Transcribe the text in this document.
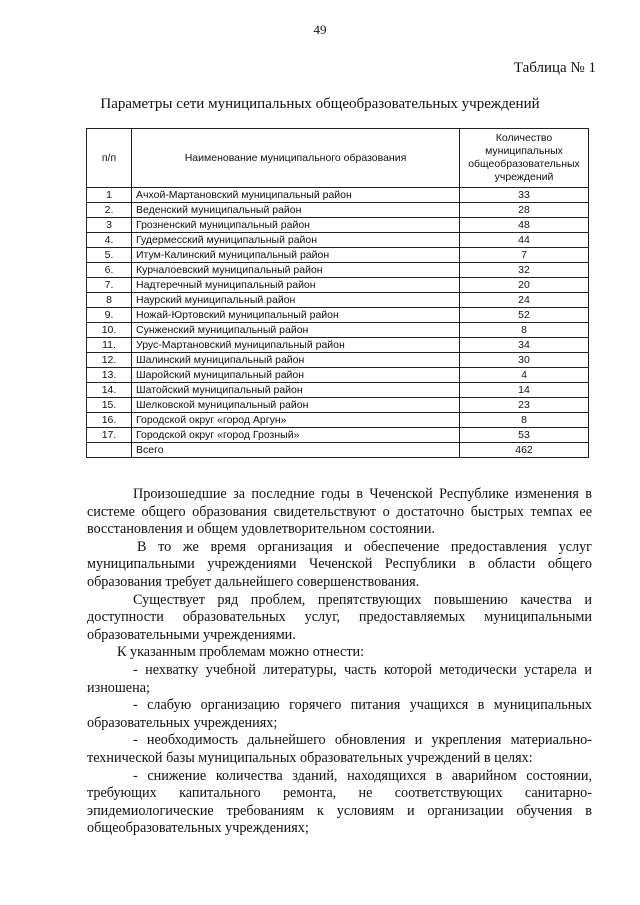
49
Таблица № 1
Параметры сети муниципальных общеобразовательных учреждений
п/п	Наименование муниципального образования	Количество муниципальных общеобразовательных учреждений
1	Ачхой-Мартановский муниципальный район	33
2.	Веденский муниципальный район	28
3	Грозненский муниципальный район	48
4.	Гудермесский муниципальный район	44
5.	Итум-Калинский муниципальный район	7
6.	Курчалоевский муниципальный район	32
7.	Надтеречный муниципальный район	20
8	Наурский муниципальный район	24
9.	Ножай-Юртовский муниципальный район	52
10.	Сунженский муниципальный район	8
11.	Урус-Мартановский муниципальный район	34
12.	Шалинский муниципальный район	30
13.	Шаройский муниципальный район	4
14.	Шатойский муниципальный район	14
15.	Шелковской муниципальный район	23
16.	Городской округ «город Аргун»	8
17.	Городской округ «город Грозный»	53
	Всего	462

Произошедшие за последние годы в Чеченской Республике изменения в системе общего образования свидетельствуют о достаточно быстрых темпах ее восстановления и общем удовлетворительном состоянии.

В то же время организация и обеспечение предоставления услуг муниципальными учреждениями Чеченской Республики в области общего образования требует дальнейшего совершенствования.

Существует ряд проблем, препятствующих повышению качества и доступности образовательных услуг, предоставляемых муниципальными образовательными учреждениями.

К указанным проблемам можно отнести:

- нехватку учебной литературы, часть которой методически устарела и изношена;

- слабую организацию горячего питания учащихся в муниципальных образовательных учреждениях;

- необходимость дальнейшего обновления и укрепления материально-технической базы муниципальных образовательных учреждений в целях:

- снижение количества зданий, находящихся в аварийном состоянии, требующих капитального ремонта, не соответствующих санитарно-эпидемиологические требованиям к условиям и организации обучения в общеобразовательных учреждениях;
